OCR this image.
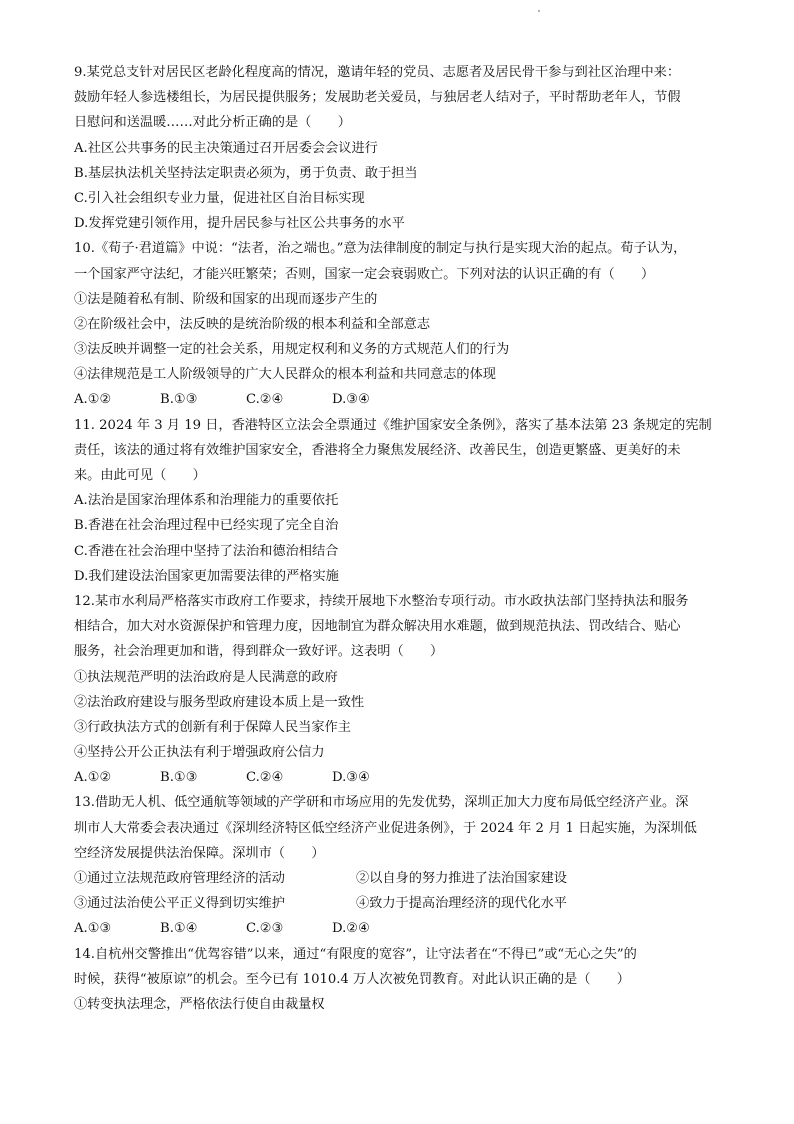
9.某党总支针对居民区老龄化程度高的情况，邀请年轻的党员、志愿者及居民骨干参与到社区治理中来：
鼓励年轻人参选楼组长，为居民提供服务；发展助老关爱员，与独居老人结对子，平时帮助老年人，节假
日慰问和送温暖……对此分析正确的是（　　）
A.社区公共事务的民主决策通过召开居委会会议进行
B.基层执法机关坚持法定职责必须为，勇于负责、敢于担当
C.引入社会组织专业力量，促进社区自治目标实现
D.发挥党建引领作用，提升居民参与社区公共事务的水平
10.《荀子·君道篇》中说：“法者，治之端也。”意为法律制度的制定与执行是实现大治的起点。荀子认为，
一个国家严守法纪，才能兴旺繁荣；否则，国家一定会衰弱败亡。下列对法的认识正确的有（　　）
①法是随着私有制、阶级和国家的出现而逐步产生的
②在阶级社会中，法反映的是统治阶级的根本利益和全部意志
③法反映并调整一定的社会关系，用规定权利和义务的方式规范人们的行为
④法律规范是工人阶级领导的广大人民群众的根本利益和共同意志的体现
A.①②	B.①③	C.②④	D.③④
11. 2024 年 3 月 19 日，香港特区立法会全票通过《维护国家安全条例》，落实了基本法第 23 条规定的宪制
责任，该法的通过将有效维护国家安全，香港将全力聚焦发展经济、改善民生，创造更繁盛、更美好的未
来。由此可见（　　）
A.法治是国家治理体系和治理能力的重要依托
B.香港在社会治理过程中已经实现了完全自治
C.香港在社会治理中坚持了法治和德治相结合
D.我们建设法治国家更加需要法律的严格实施
12.某市水利局严格落实市政府工作要求，持续开展地下水整治专项行动。市水政执法部门坚持执法和服务
相结合，加大对水资源保护和管理力度，因地制宜为群众解决用水难题，做到规范执法、罚改结合、贴心
服务，社会治理更加和谐，得到群众一致好评。这表明（　　）
①执法规范严明的法治政府是人民满意的政府
②法治政府建设与服务型政府建设本质上是一致性
③行政执法方式的创新有利于保障人民当家作主
④坚持公开公正执法有利于增强政府公信力
A.①②	B.①③	C.②④	D.③④
13.借助无人机、低空通航等领域的产学研和市场应用的先发优势，深圳正加大力度布局低空经济产业。深
圳市人大常委会表决通过《深圳经济特区低空经济产业促进条例》，于 2024 年 2 月 1 日起实施，为深圳低
空经济发展提供法治保障。深圳市（　　）
①通过立法规范政府管理经济的活动	②以自身的努力推进了法治国家建设
③通过法治使公平正义得到切实维护	④致力于提高治理经济的现代化水平
A.①③	B.①④	C.②③	D.②④
14.自杭州交警推出“优驾容错”以来，通过“有限度的宽容”，让守法者在“不得已”或“无心之失”的
时候，获得“被原谅”的机会。至今已有 1010.4 万人次被免罚教育。对此认识正确的是（　　）
①转变执法理念，严格依法行使自由裁量权
